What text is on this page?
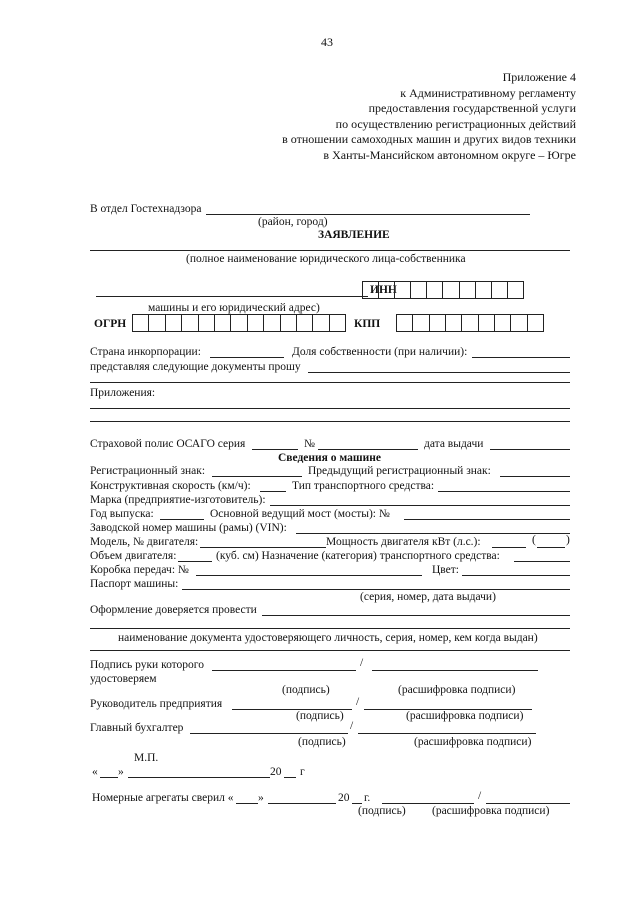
43
Приложение 4
к Административному регламенту
предоставления государственной услуги
по осуществлению регистрационных действий
в отношении самоходных машин и других видов техники
в Ханты-Мансийском автономном округе – Югре
В отдел Гостехнадзора
(район, город)
ЗАЯВЛЕНИЕ
(полное наименование юридического лица-собственника
ИНН
машины и его юридический адрес)
ОГРН	КПП
Страна инкорпорации:	Доля собственности (при наличии):
представляя следующие документы прошу
Приложения:
Страховой полис ОСАГО серия	№	дата выдачи
Сведения о машине
Регистрационный знак:	Предыдущий регистрационный знак:
Конструктивная скорость (км/ч):	Тип транспортного средства:
Марка (предприятие-изготовитель):
Год выпуска:	Основной ведущий мост (мосты): №
Заводской номер машины (рамы) (VIN):
Модель, № двигателя:	Мощность двигателя кВт (л.с.):	(	)
Объем двигателя:	(куб. см) Назначение (категория) транспортного средства:
Коробка передач: №	Цвет:
Паспорт машины:
(серия, номер, дата выдачи)
Оформление доверяется провести
наименование документа удостоверяющего личность, серия, номер, кем когда выдан)
Подпись руки которого	/
удостоверяем
(подпись)	(расшифровка подписи)
Руководитель предприятия	/
(подпись)	(расшифровка подписи)
Главный бухгалтер	/
(подпись)	(расшифровка подписи)
М.П.
« »	20 г
Номерные агрегаты сверил « »	20 г.	/
(подпись) (расшифровка подписи)
